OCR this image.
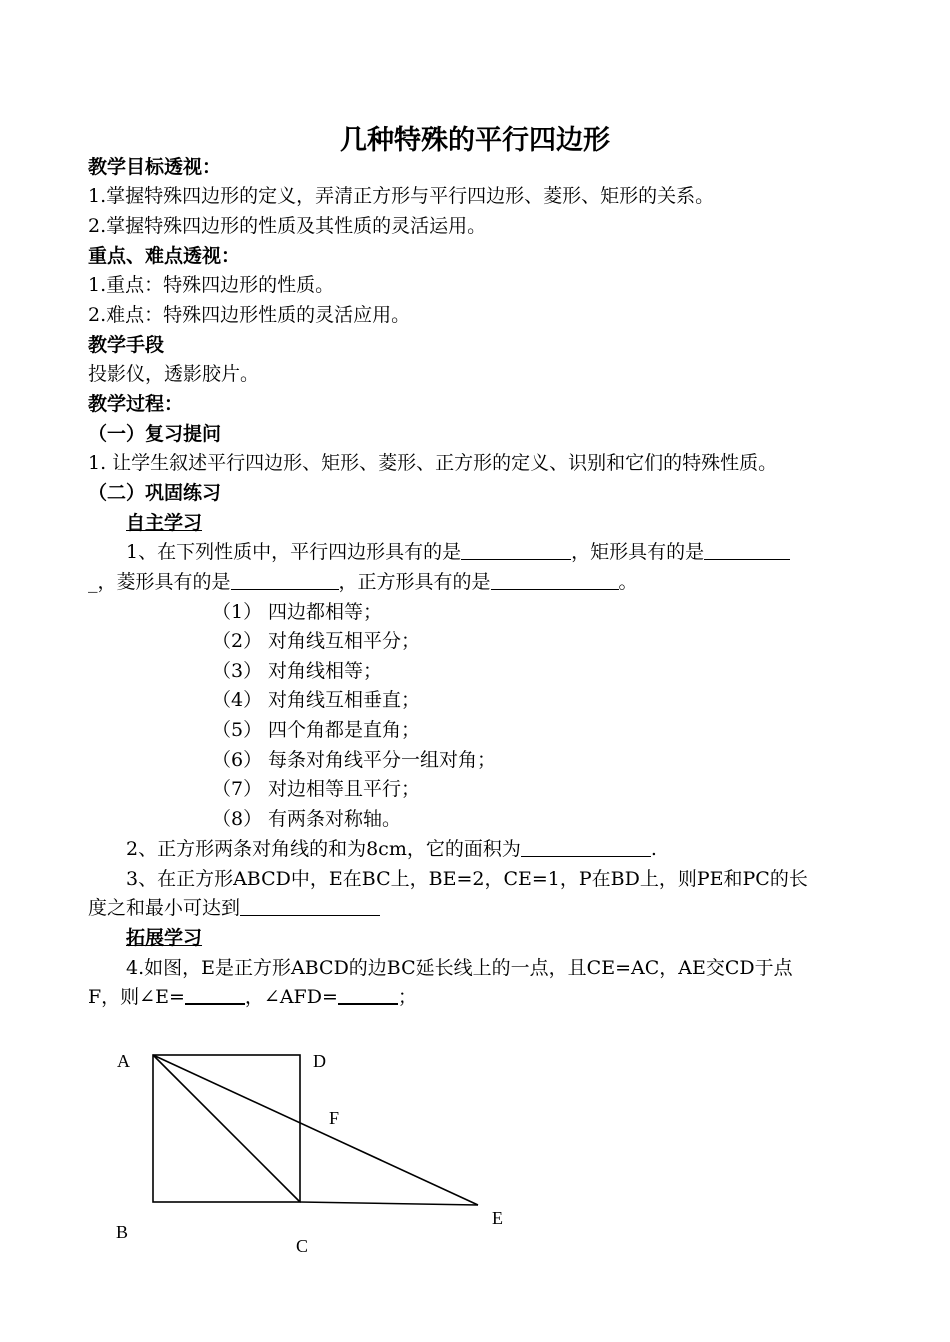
几种特殊的平行四边形
教学目标透视：
1.掌握特殊四边形的定义，弄清正方形与平行四边形、菱形、矩形的关系。
2.掌握特殊四边形的性质及其性质的灵活运用。
重点、难点透视：
1.重点：特殊四边形的性质。
2.难点：特殊四边形性质的灵活应用。
教学手段
投影仪，透影胶片。
教学过程：
（一）复习提问
1. 让学生叙述平行四边形、矩形、菱形、正方形的定义、识别和它们的特殊性质。
（二）巩固练习
自主学习
1、在下列性质中，平行四边形具有的是	，矩形具有的是
_，菱形具有的是	，正方形具有的是	。
（1） 四边都相等；
（2） 对角线互相平分；
（3） 对角线相等；
（4） 对角线互相垂直；
（5） 四个角都是直角；
（6） 每条对角线平分一组对角；
（7） 对边相等且平行；
（8） 有两条对称轴。
2、正方形两条对角线的和为8cm，它的面积为	.
3、在正方形ABCD中，E在BC上，BE=2，CE=1，P在BD上，则PE和PC的长
度之和最小可达到
拓展学习
4.如图，E是正方形ABCD的边BC延长线上的一点，且CE=AC，AE交CD于点
F，则∠E=	，∠AFD=	；
A	D
F
B
C
E
